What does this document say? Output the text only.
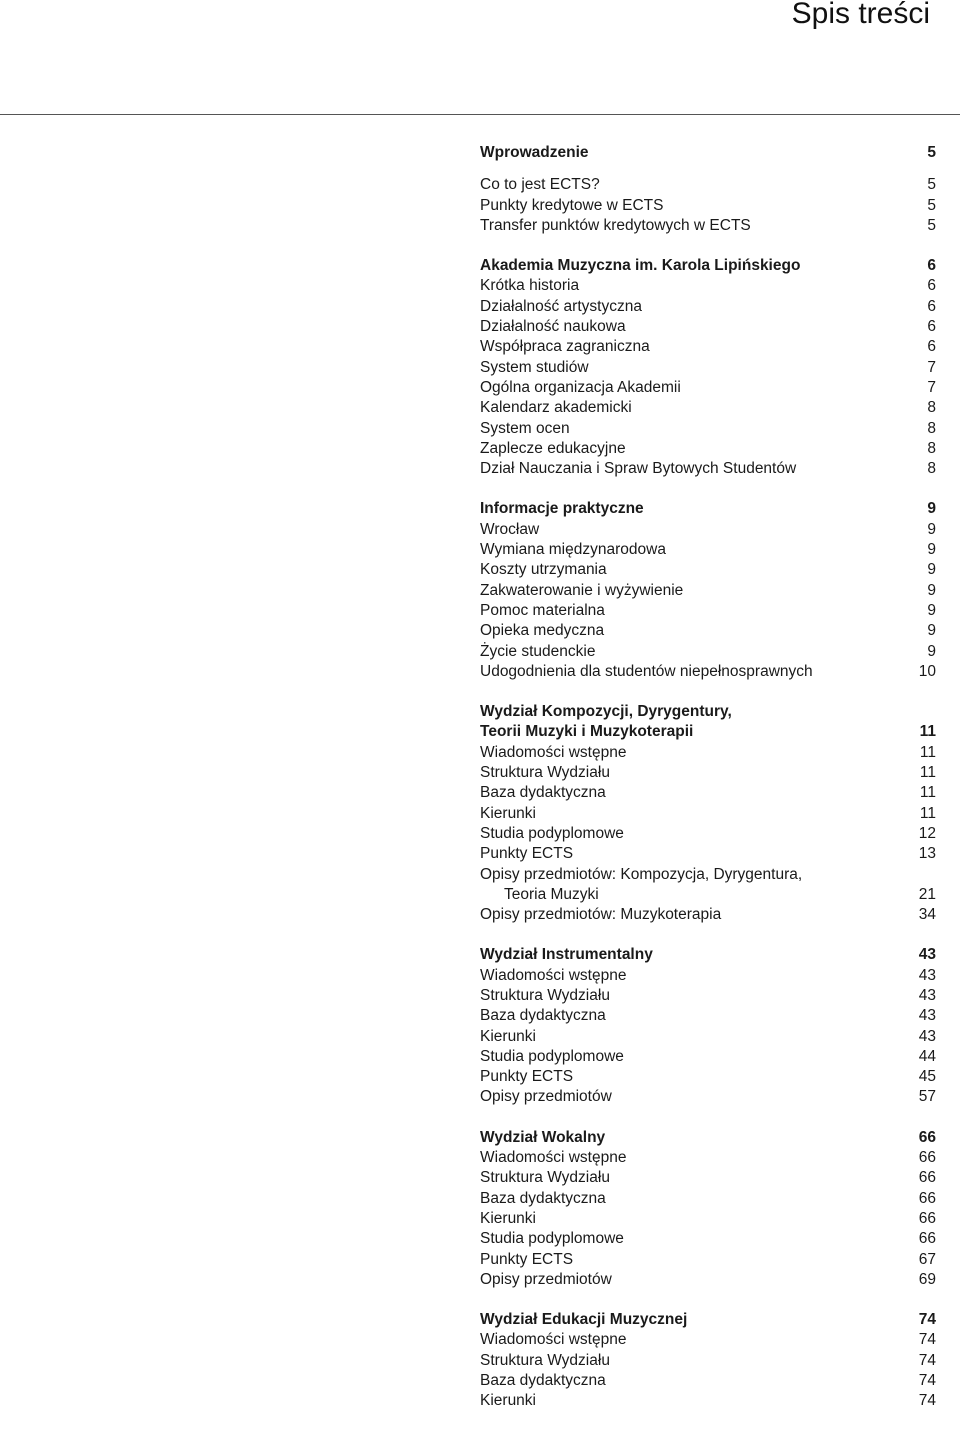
Spis treści
Wprowadzenie	5
Co to jest ECTS?	5
Punkty kredytowe w ECTS	5
Transfer punktów kredytowych w ECTS	5
Akademia Muzyczna im. Karola Lipińskiego	6
Krótka historia	6
Działalność artystyczna	6
Działalność naukowa	6
Współpraca zagraniczna	6
System studiów	7
Ogólna organizacja Akademii	7
Kalendarz akademicki	8
System ocen	8
Zaplecze edukacyjne	8
Dział Nauczania i Spraw Bytowych Studentów	8
Informacje praktyczne	9
Wrocław	9
Wymiana międzynarodowa	9
Koszty utrzymania	9
Zakwaterowanie i wyżywienie	9
Pomoc materialna	9
Opieka medyczna	9
Życie studenckie	9
Udogodnienia dla studentów niepełnosprawnych	10
Wydział Kompozycji, Dyrygentury,
Teorii Muzyki i Muzykoterapii	11
Wiadomości wstępne	11
Struktura Wydziału	11
Baza dydaktyczna	11
Kierunki	11
Studia podyplomowe	12
Punkty ECTS	13
Opisy przedmiotów: Kompozycja, Dyrygentura,
Teoria Muzyki	21
Opisy przedmiotów: Muzykoterapia	34
Wydział Instrumentalny	43
Wiadomości wstępne	43
Struktura Wydziału	43
Baza dydaktyczna	43
Kierunki	43
Studia podyplomowe	44
Punkty ECTS	45
Opisy przedmiotów	57
Wydział Wokalny	66
Wiadomości wstępne	66
Struktura Wydziału	66
Baza dydaktyczna	66
Kierunki	66
Studia podyplomowe	66
Punkty ECTS	67
Opisy przedmiotów	69
Wydział Edukacji Muzycznej	74
Wiadomości wstępne	74
Struktura Wydziału	74
Baza dydaktyczna	74
Kierunki	74
